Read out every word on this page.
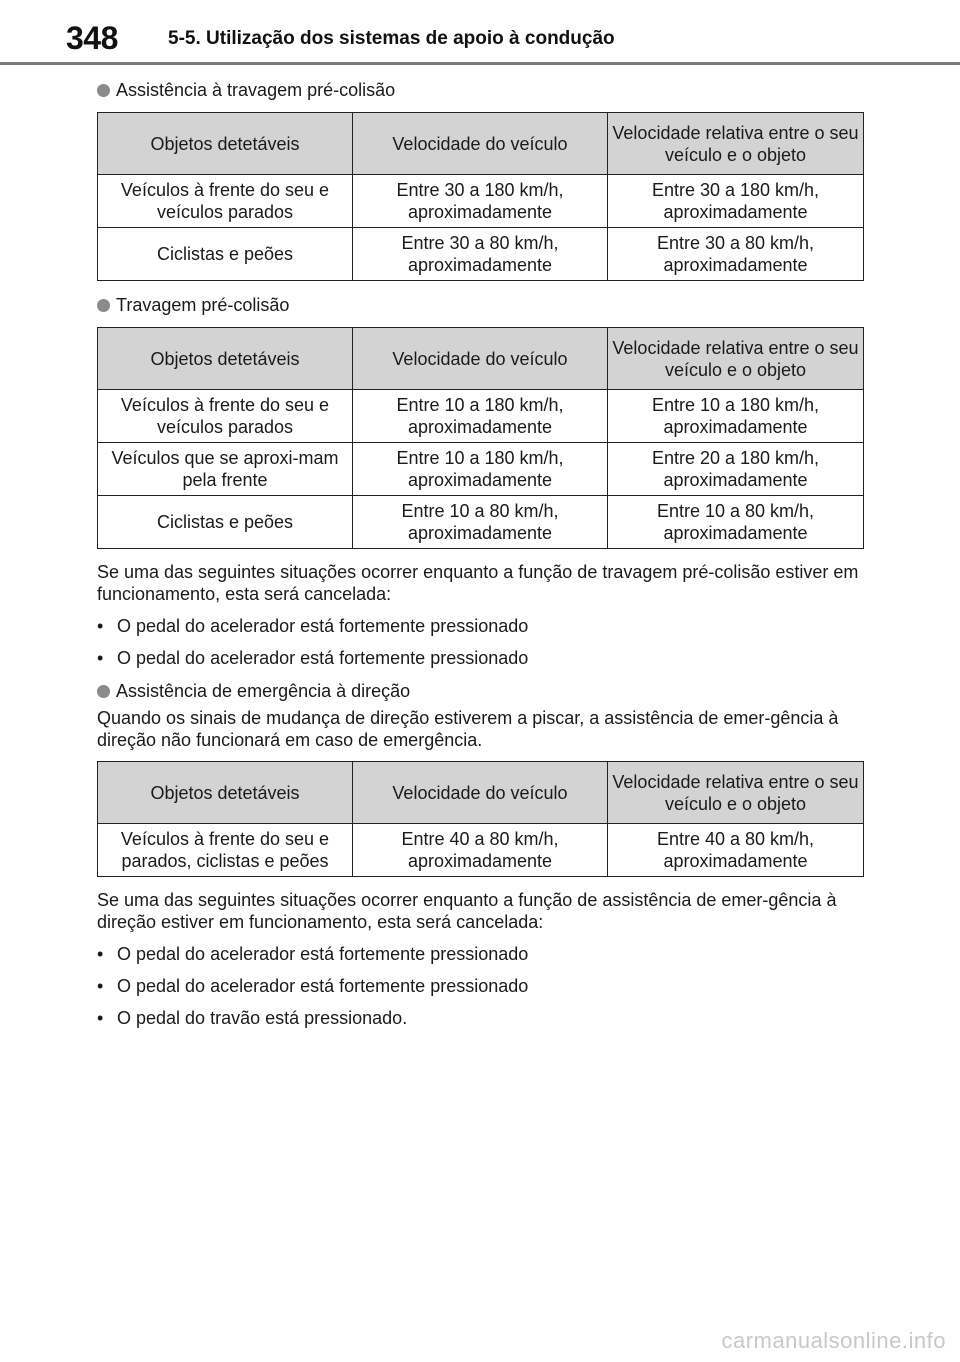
348	5-5. Utilização dos sistemas de apoio à condução
Assistência à travagem pré-colisão
Objetos detetáveis	Velocidade do veículo	Velocidade relativa entre o seu veículo e o objeto
Veículos à frente do seu e veículos parados	Entre 30 a 180 km/h, aproximadamente	Entre 30 a 180 km/h, aproximadamente
Ciclistas e peões	Entre 30 a 80 km/h, aproximadamente	Entre 30 a 80 km/h, aproximadamente
Travagem pré-colisão
Objetos detetáveis	Velocidade do veículo	Velocidade relativa entre o seu veículo e o objeto
Veículos à frente do seu e veículos parados	Entre 10 a 180 km/h, aproximadamente	Entre 10 a 180 km/h, aproximadamente
Veículos que se aproxi-mam pela frente	Entre 10 a 180 km/h, aproximadamente	Entre 20 a 180 km/h, aproximadamente
Ciclistas e peões	Entre 10 a 80 km/h, aproximadamente	Entre 10 a 80 km/h, aproximadamente

Se uma das seguintes situações ocorrer enquanto a função de travagem pré-colisão estiver em funcionamento, esta será cancelada:

• O pedal do acelerador está fortemente pressionado
• O pedal do acelerador está fortemente pressionado
Assistência de emergência à direção

Quando os sinais de mudança de direção estiverem a piscar, a assistência de emer-gência à direção não funcionará em caso de emergência.

Objetos detetáveis	Velocidade do veículo	Velocidade relativa entre o seu veículo e o objeto
Veículos à frente do seu e parados, ciclistas e peões	Entre 40 a 80 km/h, aproximadamente	Entre 40 a 80 km/h, aproximadamente

Se uma das seguintes situações ocorrer enquanto a função de assistência de emer-gência à direção estiver em funcionamento, esta será cancelada:

• O pedal do acelerador está fortemente pressionado
• O pedal do acelerador está fortemente pressionado
• O pedal do travão está pressionado.
carmanualsonline.info
